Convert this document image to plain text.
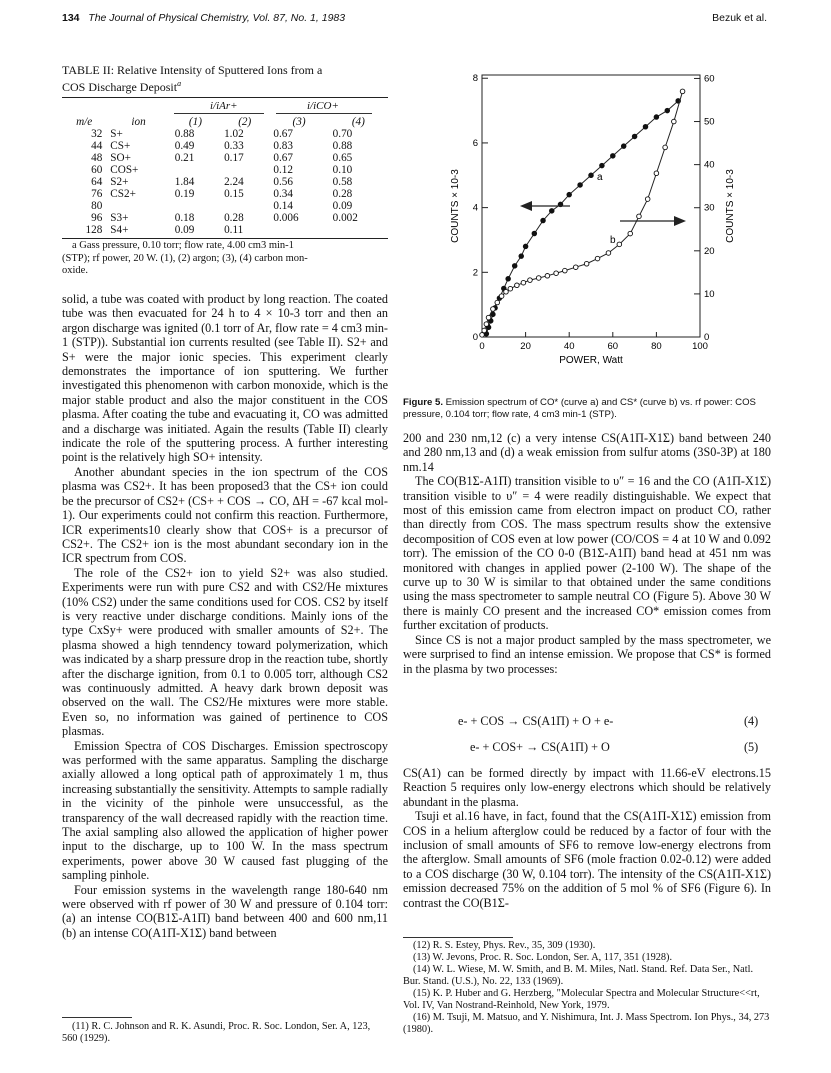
134 The Journal of Physical Chemistry, Vol. 87, No. 1, 1983	Bezuk et al.
TABLE II: Relative Intensity of Sputtered Ions from a
COS Discharge Deposit$^a$
i/iAr+	i/iCO+
m/e	ion	(1)	(2)	(3)	(4)
32	S+	0.88	1.02	0.67	0.70
44	CS+	0.49	0.33	0.83	0.88
48	SO+	0.21	0.17	0.67	0.65
60	COS+			0.12	0.10
64	S2+	1.84	2.24	0.56	0.58
76	CS2+	0.19	0.15	0.34	0.28
80				0.14	0.09
96	S3+	0.18	0.28	0.006	0.002
128	S4+	0.09	0.11		
a Gass pressure, 0.10 torr; flow rate, 4.00 cm3 min-1
(STP); rf power, 20 W. (1), (2) argon; (3), (4) carbon mon-
oxide.

solid, a tube was coated with product by long reaction. The coated tube was then evacuated for 24 h to 4 × 10-3 torr and then an argon discharge was ignited (0.1 torr of Ar, flow rate = 4 cm3 min-1 (STP)). Substantial ion currents resulted (see Table II). S2+ and S+ were the major ionic species. This experiment clearly demonstrates the importance of ion sputtering. We further investigated this phenomenon with carbon monoxide, which is the major stable product and also the major constituent in the COS plasma. After coating the tube and evacuating it, CO was admitted and a discharge was initiated. Again the results (Table II) clearly indicate the role of the sputtering process. A further interesting point is the relatively high SO+ intensity.

Another abundant species in the ion spectrum of the COS plasma was CS2+. It has been proposed3 that the CS+ ion could be the precursor of CS2+ (CS+ + COS → CO, ΔH = -67 kcal mol-1). Our experiments could not confirm this reaction. Furthermore, ICR experiments10 clearly show that COS+ is a precursor of CS2+. The CS2+ ion is the most abundant secondary ion in the ICR spectrum from COS.

The role of the CS2+ ion to yield S2+ was also studied. Experiments were run with pure CS2 and with CS2/He mixtures (10% CS2) under the same conditions used for COS. CS2 by itself is very reactive under discharge conditions. Mainly ions of the type CxSy+ were produced with smaller amounts of S2+. The plasma showed a high tenndency toward polymerization, which was indicated by a sharp pressure drop in the reaction tube, shortly after the discharge ignition, from 0.1 to 0.005 torr, although CS2 was continuously admitted. A heavy dark brown deposit was observed on the wall. The CS2/He mixtures were more stable. Even so, no information was gained of pertinence to COS plasmas.

Emission Spectra of COS Discharges. Emission spectroscopy was performed with the same apparatus. Sampling the discharge axially allowed a long optical path of approximately 1 m, thus increasing substantially the sensitivity. Attempts to sample radially in the vicinity of the pinhole were unsuccessful, as the transparency of the wall decreased rapidly with the reaction time. The axial sampling also allowed the application of higher power input to the discharge, up to 100 W. In the mass spectrum experiments, power above 30 W caused fast plugging of the sampling pinhole.

Four emission systems in the wavelength range 180-640 nm were observed with rf power of 30 W and pressure of 0.104 torr: (a) an intense CO(B1Σ-A1Π) band between 400 and 600 nm,11 (b) an intense CO(A1Π-X1Σ) band between

(11) R. C. Johnson and R. K. Asundi, Proc. R. Soc. London, Ser. A, 123, 560 (1929).
0	20	40	60	80	100
0
2
4
6
8
0
10
20
30
40
50
60
a
b
POWER, Watt
COUNTS × 10-3	COUNTS × 10-3
Figure 5. Emission spectrum of CO* (curve a) and CS* (curve b) vs. rf power: COS pressure, 0.104 torr; flow rate, 4 cm3 min-1 (STP).

200 and 230 nm,12 (c) a very intense CS(A1Π-X1Σ) band between 240 and 280 nm,13 and (d) a weak emission from sulfur atoms (3S0-3P) at 180 nm.14

The CO(B1Σ-A1Π) transition visible to υ″ = 16 and the CO (A1Π-X1Σ) transition visible to υ″ = 4 were readily distinguishable. We expect that most of this emission came from electron impact on product CO, rather than directly from COS. The mass spectrum results show the extensive decomposition of COS even at low power (CO/COS = 4 at 10 W and 0.092 torr). The emission of the CO 0-0 (B1Σ-A1Π) band head at 451 nm was monitored with changes in applied power (2-100 W). The shape of the curve up to 30 W is similar to that obtained under the same conditions using the mass spectrometer to sample neutral CO (Figure 5). Above 30 W there is mainly CO present and the increased CO* emission comes from further excitation of products.

Since CS is not a major product sampled by the mass spectrometer, we were surprised to find an intense emission. We propose that CS* is formed in the plasma by two processes:

e- + COS → CS(A1Π) + O + e-	(4)
e- + COS+ → CS(A1Π) + O	(5)

CS(A1) can be formed directly by impact with 11.66-eV electrons.15 Reaction 5 requires only low-energy electrons which should be relatively abundant in the plasma.

Tsuji et al.16 have, in fact, found that the CS(A1Π-X1Σ) emission from COS in a helium afterglow could be reduced by a factor of four with the inclusion of small amounts of SF6 to remove low-energy electrons from the afterglow. Small amounts of SF6 (mole fraction 0.02-0.12) were added to a COS discharge (30 W, 0.104 torr). The intensity of the CS(A1Π-X1Σ) emission decreased 75% on the addition of 5 mol % of SF6 (Figure 6). In contrast the CO(B1Σ-

(12) R. S. Estey, Phys. Rev., 35, 309 (1930).
(13) W. Jevons, Proc. R. Soc. London, Ser. A, 117, 351 (1928).
(14) W. L. Wiese, M. W. Smith, and B. M. Miles, Natl. Stand. Ref. Data Ser., Natl. Bur. Stand. (U.S.), No. 22, 133 (1969).
(15) K. P. Huber and G. Herzberg, "Molecular Spectra and Molecular Structure<<rt, Vol. IV, Van Nostrand-Reinhold, New York, 1979.
(16) M. Tsuji, M. Matsuo, and Y. Nishimura, Int. J. Mass Spectrom. Ion Phys., 34, 273 (1980).
